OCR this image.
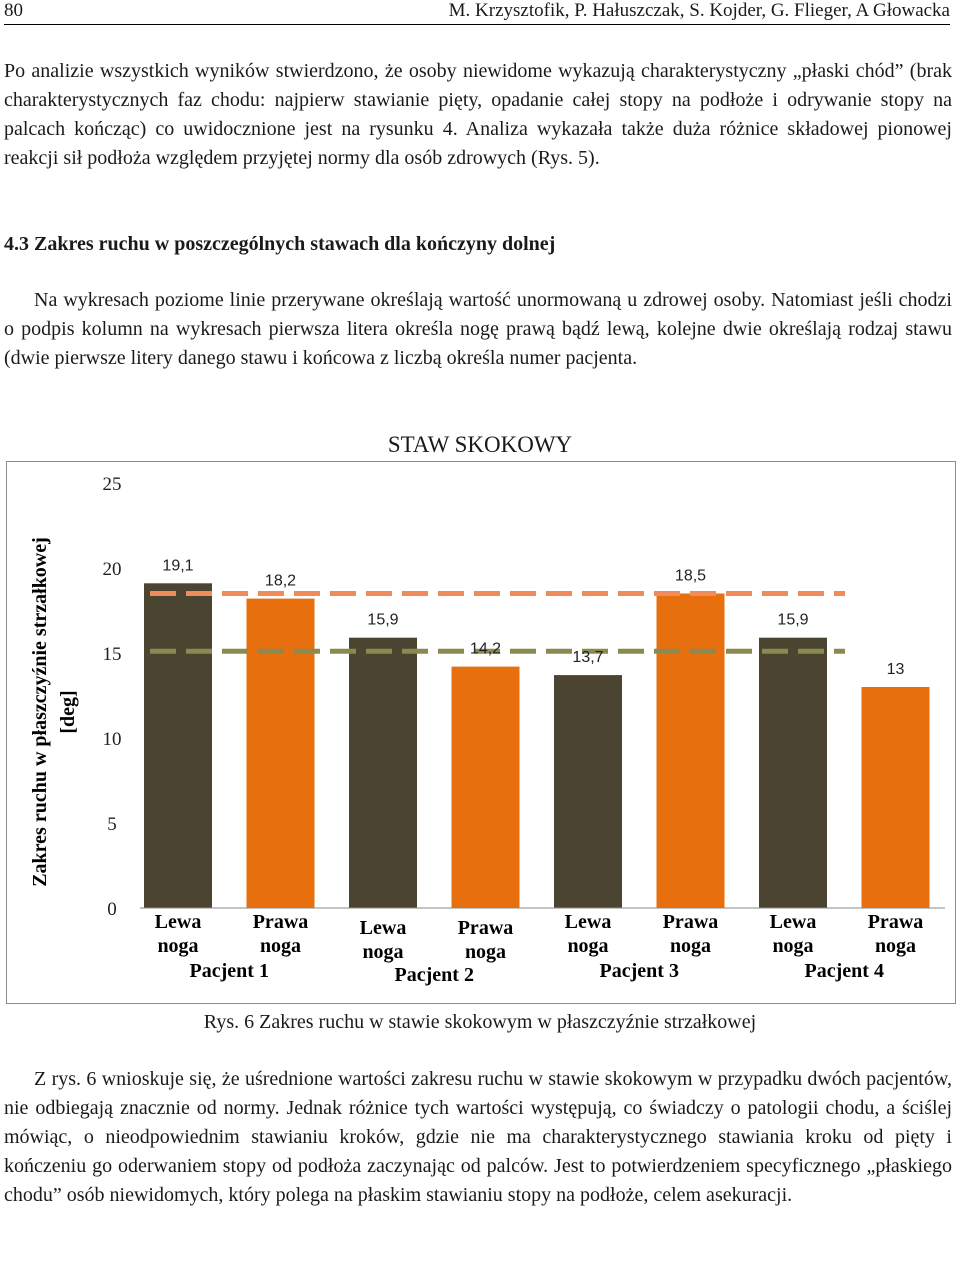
80	M. Krzysztofik, P. Hałuszczak, S. Kojder, G. Flieger, A Głowacka

Po analizie wszystkich wyników stwierdzono, że osoby niewidome wykazują charakterystyczny „płaski chód” (brak charakterystycznych faz chodu: najpierw stawianie pięty, opadanie całej stopy na podłoże i odrywanie stopy na palcach kończąc) co uwidocznione jest na rysunku 4. Analiza wykazała także duża różnice składowej pionowej reakcji sił podłoża względem przyjętej normy dla osób zdrowych (Rys. 5).

4.3 Zakres ruchu w poszczególnych stawach dla kończyny dolnej

Na wykresach poziome linie przerywane określają wartość unormowaną u zdrowej osoby. Natomiast jeśli chodzi o podpis kolumn na wykresach pierwsza litera określa nogę prawą bądź lewą, kolejne dwie określają rodzaj stawu (dwie pierwsze litery danego stawu i końcowa z liczbą określa numer pacjenta.

STAW SKOKOWY
0
5
10
15
20
25
Zakres ruchu w płaszczyźnie strzałkowej [deg]
19,1
18,2
15,9
14,2	13,7
18,5
15,9
13
Lewa
noga
Prawa
noga
Lewa
noga
Prawa
noga
Lewa
noga
Prawa
noga
Lewa
noga
Prawa
noga
Pacjent 1	Pacjent 2	Pacjent 3	Pacjent 4
Rys. 6 Zakres ruchu w stawie skokowym w płaszczyźnie strzałkowej

Z rys. 6 wnioskuje się, że uśrednione wartości zakresu ruchu w stawie skokowym w przypadku dwóch pacjentów, nie odbiegają znacznie od normy. Jednak różnice tych wartości występują, co świadczy o patologii chodu, a ściślej mówiąc, o nieodpowiednim stawianiu kroków, gdzie nie ma charakterystycznego stawiania kroku od pięty i kończeniu go oderwaniem stopy od podłoża zaczynając od palców. Jest to potwierdzeniem specyficznego „płaskiego chodu” osób niewidomych, który polega na płaskim stawianiu stopy na podłoże, celem asekuracji.
